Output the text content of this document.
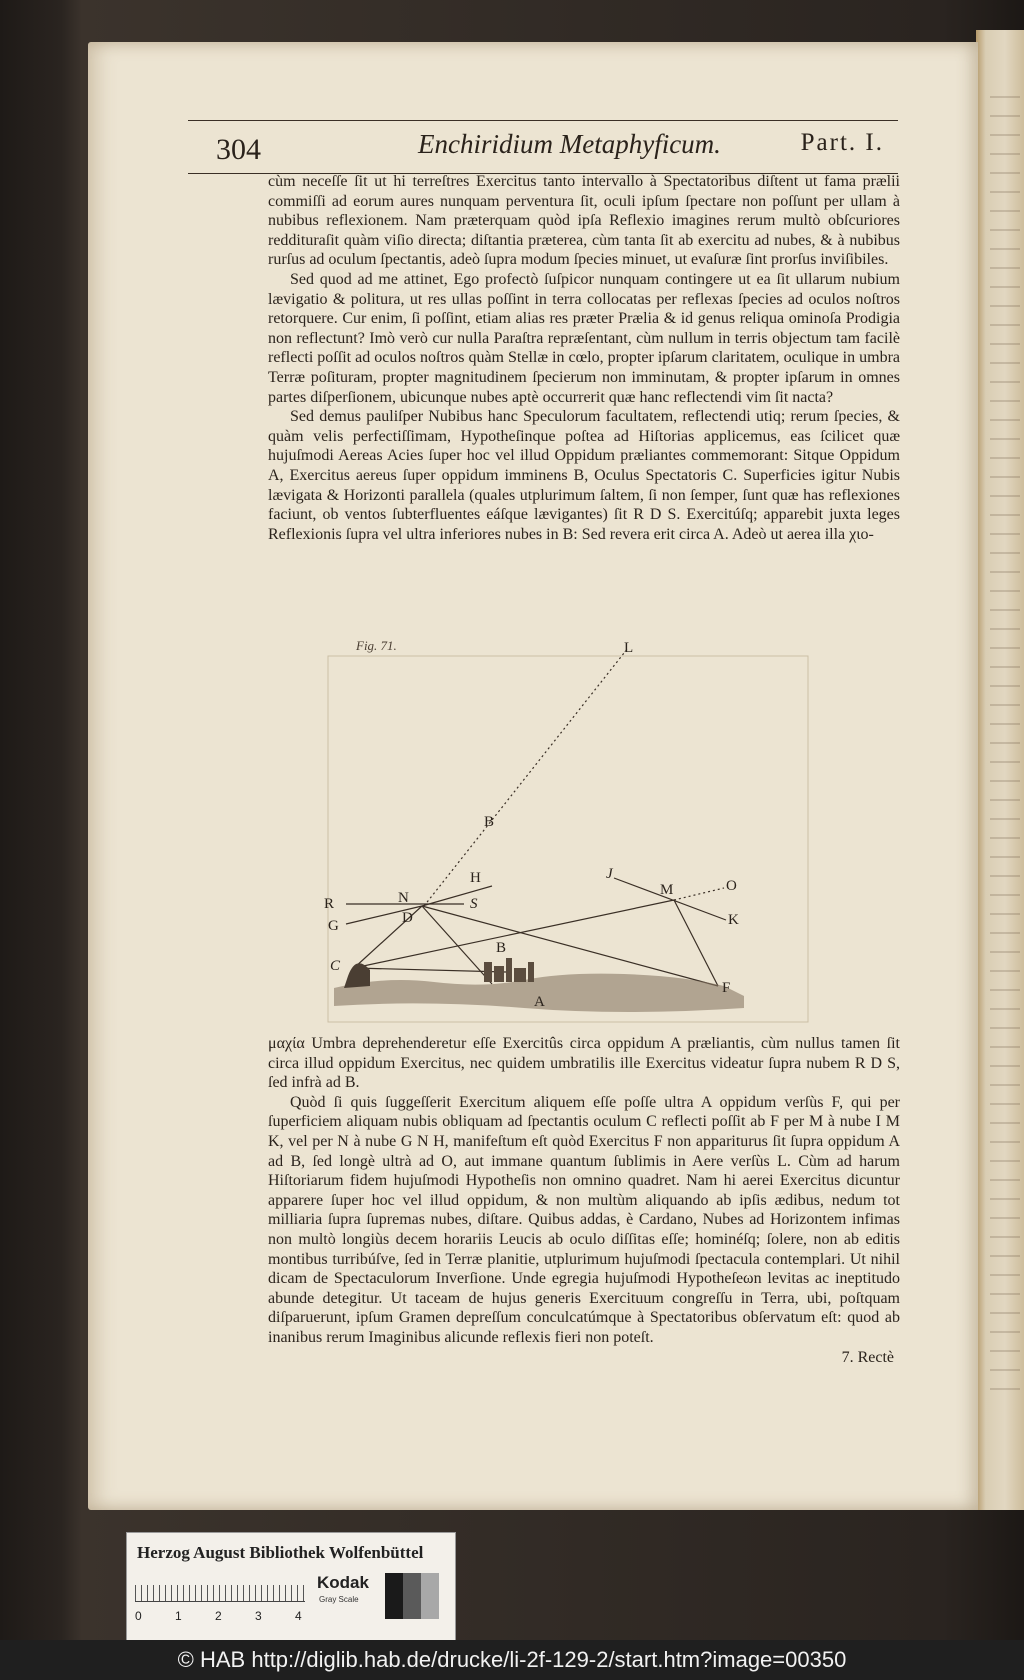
304	Enchiridium Metaphyficum.	Part. I.

cùm neceſſe ſit ut hi terreſtres Exercitus tanto intervallo à Spectatoribus diſtent ut fama prælii commiſſi ad eorum aures nunquam perventura ſit, oculi ipſum ſpectare non poſſunt per ullam à nubibus reflexionem. Nam præterquam quòd ipſa Reflexio imagines rerum multò obſcuriores reddituraſit quàm viſio directa; diſtantia præterea, cùm tanta ſit ab exercitu ad nubes, & à nubibus rurſus ad oculum ſpectantis, adeò ſupra modum ſpecies minuet, ut evaſuræ ſint prorſus inviſibiles.

Sed quod ad me attinet, Ego profectò ſuſpicor nunquam contingere ut ea ſit ullarum nubium lævigatio & politura, ut res ullas poſſint in terra collocatas per reflexas ſpecies ad oculos noſtros retorquere. Cur enim, ſi poſſint, etiam alias res præter Prælia & id genus reliqua ominoſa Prodigia non reflectunt? Imò verò cur nulla Paraſtra repræſentant, cùm nullum in terris objectum tam facilè reflecti poſſit ad oculos noſtros quàm Stellæ in cœlo, propter ipſarum claritatem, oculique in umbra Terræ poſituram, propter magnitudinem ſpecierum non imminutam, & propter ipſarum in omnes partes diſperſionem, ubicunque nubes aptè occurrerit quæ hanc reflectendi vim ſit nacta?

Sed demus pauliſper Nubibus hanc Speculorum facultatem, reflectendi utiq; rerum ſpecies, & quàm velis perfectiſſimam, Hypotheſinque poſtea ad Hiſtorias applicemus, eas ſcilicet quæ hujuſmodi Aereas Acies ſuper hoc vel illud Oppidum præliantes commemorant: Sitque Oppidum A, Exercitus aereus ſuper oppidum imminens B, Oculus Spectatoris C. Superficies igitur Nubis lævigata & Horizonti parallela (quales utplurimum ſaltem, ſi non ſemper, ſunt quæ has reflexiones faciunt, ob ventos ſubterfluentes eáſque lævigantes) ſit R D S. Exercitúſq; apparebit juxta leges Reflexionis ſupra vel ultra inferiores nubes in B: Sed revera erit circa A. Adeò ut aerea illa χιο-

Fig. 71.	L
B
H
R	N	S
D
G
J
M	O
K
B
C
A
F

μαχία Umbra deprehenderetur eſſe Exercitûs circa oppidum A præliantis, cùm nullus tamen ſit circa illud oppidum Exercitus, nec quidem umbratilis ille Exercitus videatur ſupra nubem R D S, ſed infrà ad B.

Quòd ſi quis ſuggeſſerit Exercitum aliquem eſſe poſſe ultra A oppidum verſùs F, qui per ſuperficiem aliquam nubis obliquam ad ſpectantis oculum C reflecti poſſit ab F per M à nube I M K, vel per N à nube G N H, manifeſtum eſt quòd Exercitus F non appariturus ſit ſupra oppidum A ad B, ſed longè ultrà ad O, aut immane quantum ſublimis in Aere verſùs L. Cùm ad harum Hiſtoriarum fidem hujuſmodi Hypotheſis non omnino quadret. Nam hi aerei Exercitus dicuntur apparere ſuper hoc vel illud oppidum, & non multùm aliquando ab ipſis ædibus, nedum tot milliaria ſupra ſupremas nubes, diſtare. Quibus addas, è Cardano, Nubes ad Horizontem infimas non multò longiùs decem horariis Leucis ab oculo diſſitas eſſe; hominéſq; ſolere, non ab editis montibus turribúſve, ſed in Terræ planitie, utplurimum hujuſmodi ſpectacula contemplari. Ut nihil dicam de Spectaculorum Inverſione. Unde egregia hujuſmodi Hypotheſeωn levitas ac ineptitudo abunde detegitur. Ut taceam de hujus generis Exercituum congreſſu in Terra, ubi, poſtquam diſparuerunt, ipſum Gramen depreſſum conculcatúmque à Spectatoribus obſervatum eſt: quod ab inanibus rerum Imaginibus alicunde reflexis fieri non poteſt.

7. Rectè

Herzog August Bibliothek Wolfenbüttel
0	1	2	3	4
Kodak
Gray Scale
© HAB http://diglib.hab.de/drucke/li-2f-129-2/start.htm?image=00350
